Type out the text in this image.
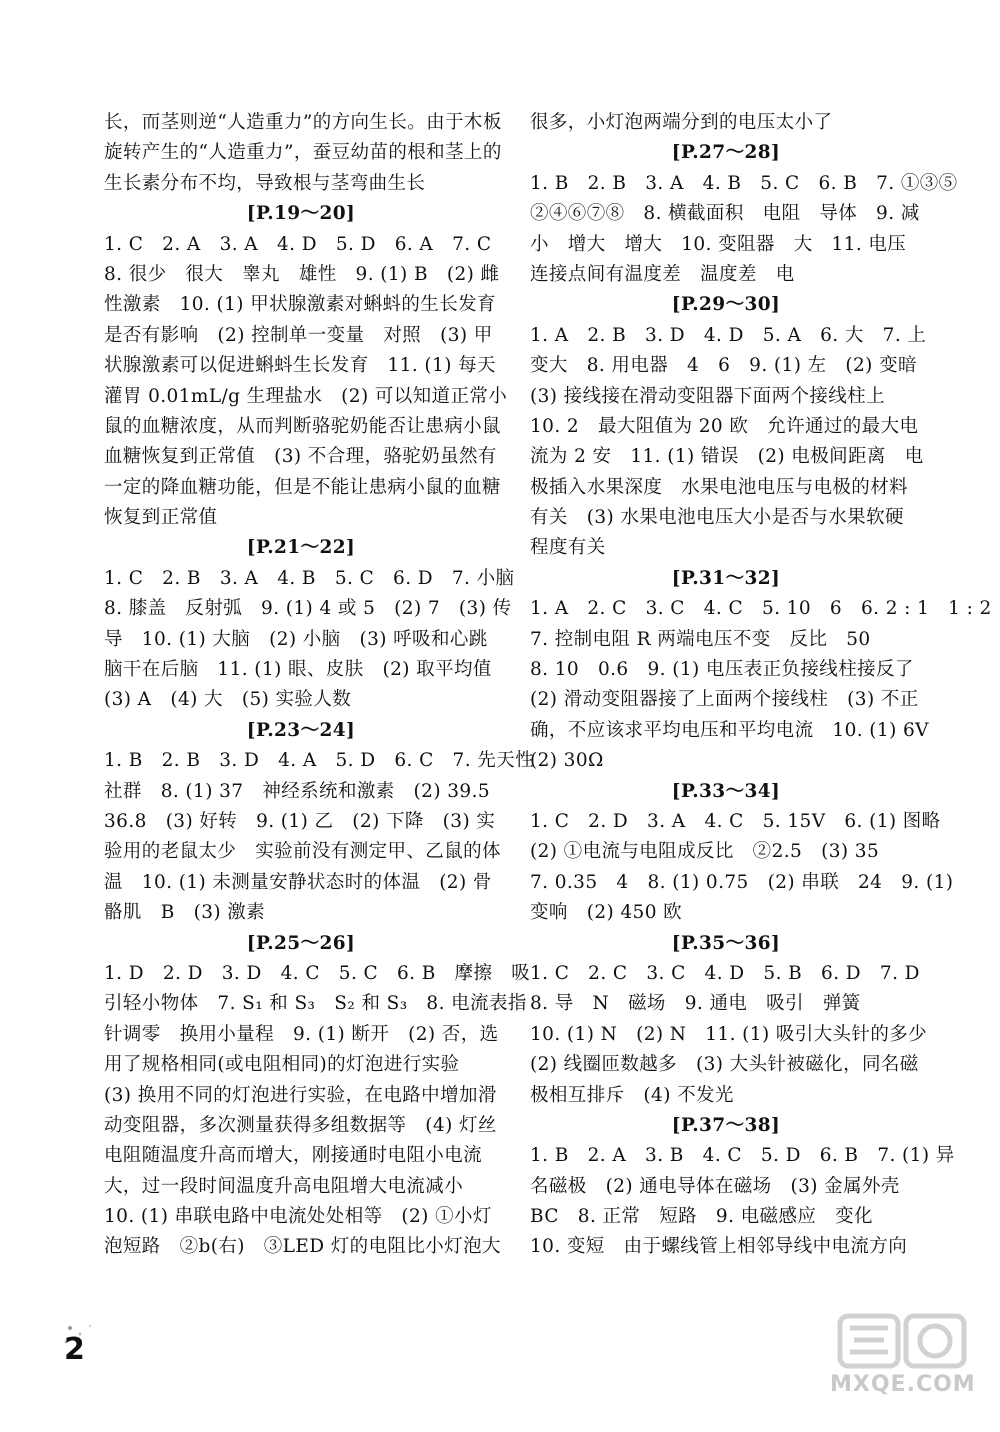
长，而茎则逆“人造重力”的方向生长。由于木板
旋转产生的“人造重力”，蚕豆幼苗的根和茎上的
生长素分布不均，导致根与茎弯曲生长
[P.19～20]
1. C　2. A　3. A　4. D　5. D　6. A　7. C
8. 很少　很大　睾丸　雄性　9. (1) B　(2) 雌
性激素　10. (1) 甲状腺激素对蝌蚪的生长发育
是否有影响　(2) 控制单一变量　对照　(3) 甲
状腺激素可以促进蝌蚪生长发育　11. (1) 每天
灌胃 0.01mL/g 生理盐水　(2) 可以知道正常小
鼠的血糖浓度，从而判断骆驼奶能否让患病小鼠
血糖恢复到正常值　(3) 不合理，骆驼奶虽然有
一定的降血糖功能，但是不能让患病小鼠的血糖
恢复到正常值
[P.21～22]
1. C　2. B　3. A　4. B　5. C　6. D　7. 小脑
8. 膝盖　反射弧　9. (1) 4 或 5　(2) 7　(3) 传
导　10. (1) 大脑　(2) 小脑　(3) 呼吸和心跳
脑干在后脑　11. (1) 眼、皮肤　(2) 取平均值
(3) A　(4) 大　(5) 实验人数
[P.23～24]
1. B　2. B　3. D　4. A　5. D　6. C　7. 先天性
社群　8. (1) 37　神经系统和激素　(2) 39.5
36.8　(3) 好转　9. (1) 乙　(2) 下降　(3) 实
验用的老鼠太少　实验前没有测定甲、乙鼠的体
温　10. (1) 未测量安静状态时的体温　(2) 骨
骼肌　B　(3) 激素
[P.25～26]
1. D　2. D　3. D　4. C　5. C　6. B　摩擦　吸
引轻小物体　7. S₁ 和 S₃　S₂ 和 S₃　8. 电流表指
针调零　换用小量程　9. (1) 断开　(2) 否，选
用了规格相同(或电阻相同)的灯泡进行实验
(3) 换用不同的灯泡进行实验，在电路中增加滑
动变阻器，多次测量获得多组数据等　(4) 灯丝
电阻随温度升高而增大，刚接通时电阻小电流
大，过一段时间温度升高电阻增大电流减小
10. (1) 串联电路中电流处处相等　(2) ①小灯
泡短路　②b(右)　③LED 灯的电阻比小灯泡大
很多，小灯泡两端分到的电压太小了
[P.27～28]
1. B　2. B　3. A　4. B　5. C　6. B　7. ①③⑤
②④⑥⑦⑧　8. 横截面积　电阻　导体　9. 减
小　增大　增大　10. 变阻器　大　11. 电压
连接点间有温度差　温度差　电
[P.29～30]
1. A　2. B　3. D　4. D　5. A　6. 大　7. 上
变大　8. 用电器　4　6　9. (1) 左　(2) 变暗
(3) 接线接在滑动变阻器下面两个接线柱上
10. 2　最大阻值为 20 欧　允许通过的最大电
流为 2 安　11. (1) 错误　(2) 电极间距离　电
极插入水果深度　水果电池电压与电极的材料
有关　(3) 水果电池电压大小是否与水果软硬
程度有关
[P.31～32]
1. A　2. C　3. C　4. C　5. 10　6　6. 2 : 1　1 : 2
7. 控制电阻 R 两端电压不变　反比　50
8. 10　0.6　9. (1) 电压表正负接线柱接反了
(2) 滑动变阻器接了上面两个接线柱　(3) 不正
确，不应该求平均电压和平均电流　10. (1) 6V
(2) 30Ω
[P.33～34]
1. C　2. D　3. A　4. C　5. 15V　6. (1) 图略
(2) ①电流与电阻成反比　②2.5　(3) 35
7. 0.35　4　8. (1) 0.75　(2) 串联　24　9. (1)
变响　(2) 450 欧
[P.35～36]
1. C　2. C　3. C　4. D　5. B　6. D　7. D
8. 导　N　磁场　9. 通电　吸引　弹簧
10. (1) N　(2) N　11. (1) 吸引大头针的多少
(2) 线圈匝数越多　(3) 大头针被磁化，同名磁
极相互排斥　(4) 不发光
[P.37～38]
1. B　2. A　3. B　4. C　5. D　6. B　7. (1) 异
名磁极　(2) 通电导体在磁场　(3) 金属外壳
BC　8. 正常　短路　9. 电磁感应　变化
10. 变短　由于螺线管上相邻导线中电流方向
2
MXQE.COM
